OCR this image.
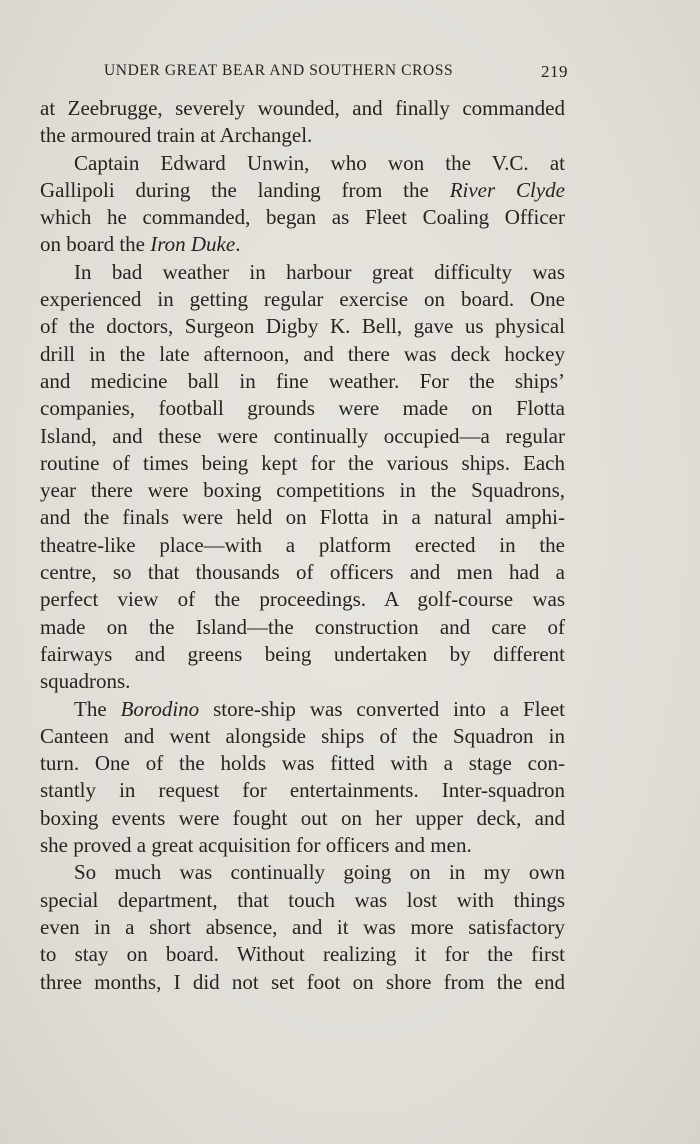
UNDER GREAT BEAR AND SOUTHERN CROSS	219
at Zeebrugge, severely wounded, and finally commanded
the armoured train at Archangel.
Captain Edward Unwin, who won the V.C. at
Gallipoli during the landing from the River Clyde
which he commanded, began as Fleet Coaling Officer
on board the Iron Duke.
In bad weather in harbour great difficulty was
experienced in getting regular exercise on board. One
of the doctors, Surgeon Digby K. Bell, gave us physical
drill in the late afternoon, and there was deck hockey
and medicine ball in fine weather. For the ships’
companies, football grounds were made on Flotta
Island, and these were continually occupied—a regular
routine of times being kept for the various ships. Each
year there were boxing competitions in the Squadrons,
and the finals were held on Flotta in a natural amphi-
theatre-like place—with a platform erected in the
centre, so that thousands of officers and men had a
perfect view of the proceedings. A golf-course was
made on the Island—the construction and care of
fairways and greens being undertaken by different
squadrons.
The Borodino store-ship was converted into a Fleet
Canteen and went alongside ships of the Squadron in
turn. One of the holds was fitted with a stage con-
stantly in request for entertainments. Inter-squadron
boxing events were fought out on her upper deck, and
she proved a great acquisition for officers and men.
So much was continually going on in my own
special department, that touch was lost with things
even in a short absence, and it was more satisfactory
to stay on board. Without realizing it for the first
three months, I did not set foot on shore from the end
